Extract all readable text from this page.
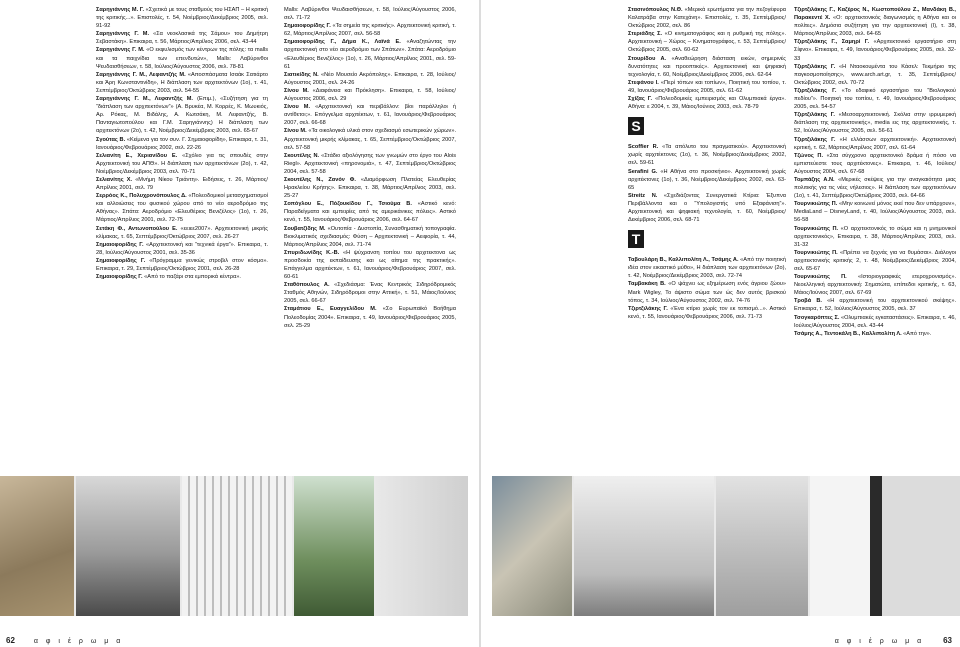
Σαρηγιάννης Μ. Γ. «Σχετικά με τους σταθμούς του ΗΣΑΠ – Η κριτική της κριτικής...». Επιστολές, τ. 54, Νοέμβριος/Δεκέμβριος 2005, σελ. 91-92

Σαρηγιάννης Γ. Μ. «Σα νεοκλασικά της Σάμου» του Δημήτρη Σεβαστάκη». Επικαιρα, τ. 56, Μάρτιος/Απρίλιος 2006, σελ. 43-44

Σαρηγιάννης Γ. Μ. «Ο εκφυλισμός των κέντρων της πόλης: τα malls και τα παιχνίδια των επενδυτών», Malls: Λαβύρινθοι Ψευδαισθήσεων, τ. 58, Ιούλιος/Αύγουστος 2006, σελ. 78-81

Σαρηγιάννης Γ. Μ., Λεφαντζής Μ. «Αποσπάσματα Ισαάκ Σατιάρτο και Άρη Κωνσταντινίδη», Η διάπλαση των αρχιτεκτόνων (1ο), τ. 41, Σεπτέμβριος/Οκτώβριος 2003, σελ. 54-55

Σαρηγιάννης Γ. Μ., Λεφαντζής Μ. (Επιμ.), «Συζήτηση για τη “διάπλαση των αρχιτεκτόνων”» (Α. Βρυκέα, Μ. Κορρές, Κ. Μωυκιός, Αρ. Ρόκας, Μ. Βιδάλης, Α. Κωτσάκη, Μ. Λεφαντζής, Β. Πανταγιωτοπούλου και Γ.Μ. Σαρηγιάννης) Η διάπλαση των αρχιτεκτόνων (2ο), τ. 42, Νοέμβριος/Δεκέμβριος 2003, σελ. 65-67

Σγούτας Β. «Κείμενα για τον συν. Γ. Σημαιοφορίδη», Επικαιρα, τ. 31, Ιανουάριος/Φεβρουάριος 2002, σελ. 22-26

Σελιανίτη Ε., Χεριανίδου Ε. «Σχόλιο για τις σπουδές στην Αρχιτεκτονική του ΑΠΘ». Η διάπλαση των αρχιτεκτόνων (2ο), τ. 42, Νοέμβριος/Δεκέμβριος 2003, σελ. 70-71

Σελιανίτης Χ. «Μνήμη Νίκου Τριάντη». Ειδήσεις, τ. 26, Μάρτιος/Απρίλιος 2001, σελ. 79

Σερρόος Κ., Πολυχρονόπουλος Δ. «Πολεοδομικοί μετασχηματισμοί και αλλοιώσεις του φυσικού χώρου από το νέο αεροδρόμιο της Αθήνας». Σπάτα: Αεροδρόμιο «Ελευθέριος Βενιζέλος» (1ο), τ. 26, Μάρτιος/Απρίλιος 2001, σελ. 72-75

Σετάκη Φ., Αντωνοπούλου Ε. «εειεε2007». Αρχιτεκτονική μικρής κλίμακας, τ. 65, Σεπτέμβριος/Οκτώβριος 2007, σελ. 26-27

Σημαιοφορίδης Γ. «Αρχιτεκτονική και “τεχνικά έργα”». Επικαιρα, τ. 28, Ιούλιος/Αύγουστος 2001, σελ. 35-36

Σημαιοφορίδης Γ. «Πρόγραμμα γενικώς στροβιλ στον κόσμο». Επικαιρα, τ. 29, Σεπτέμβριος/Οκτώβριος 2001, σελ. 26-28

Σημαιοφορίδης Γ. «Από το παζάρι στα εμπορικά κέντρα».

Malls: Λαβύρινθοι Ψευδαισθήσεων, τ. 58, Ιούλιος/Αύγουστος 2006, σελ. 71-72

Σημαιοφορίδης Γ. «Τα σημεία της κριτικής». Αρχιτεκτονική κριτική, τ. 62, Μάρτιος/Απρίλιος 2007, σελ. 56-58

Σημαιοφορίδης Γ., Δήμα Κ., Λαϊνά Ε. «Αναζητώντας την αρχιτεκτονική στο νέο αεροδρόμιο των Σπάτων». Σπάτα: Αεροδρόμιο «Ελευθέριος Βενιζέλος» (1ο), τ. 26, Μάρτιος/Απρίλιος 2001, σελ. 59-61

Σιατικίδης Ν. «Νέο Μουσείο Ακρόπολης». Επικαιρα, τ. 28, Ιούλιος/Αύγουστος 2001, σελ. 24-26

Σίνου Μ. «Διαφάνεια και Πρόκληση». Επικαιρα, τ. 58, Ιούλιος/Αύγουστος 2006, σελ. 29

Σίνου Μ. «Αρχιτεκτονική και περιβάλλον: βίοι παράλληλοι ή αντίθετοι;». Επόγγελμα αρχιτέκτων, τ. 61, Ιανουάριος/Φεβρουάριος 2007, σελ. 66-68

Σίνου Μ. «Τα οικολογικά υλικά στον σχεδιασμό εσωτερικών χώρων». Αρχιτεκτονική μικρής κλίμακας, τ. 65, Σεπτέμβριος/Οκτώβριος 2007, σελ. 57-58

Σκουτέλης Ν. «Στάδιο αξιολόγησης των γνωμών στο έργο του Alois Riegl». Αρχιτεκτονική «πηρονομιά», τ. 47, Σεπτέμβριος/Οκτώβριος 2004, σελ. 57-58

Σκουτέλης Ν., Ζανόν Φ. «Διαμόρφωση Πλατείας Ελευθερίας Ηρακλείου Κρήτης». Επικαιρα, τ. 38, Μάρτιος/Απρίλιος 2003, σελ. 25-27

Σοπόγλου Ε., Πόζουκίδου Γ., Τσιούμα Β. «Αστικό κενό: Παραδείγματα και εμπειρίες από τις αμερικάνικες πόλεις». Αστικό κενό, τ. 55, Ιανουάριος/Φεβρουάριος 2006, σελ. 64-67

Σουβατζίδης Μ. «Ουτοπία - Δυστοπία, Συνασθηματική τοπογραφία. Βιοκλιματικός σχεδιασμός: Φύση – Αρχιτεκτονική – Αειφορία, τ. 44, Μάρτιος/Απρίλιος 2004, σελ. 71-74

Σπυριδωνίδης Κ.-Β. «Η ψύχρανση τοπίου του αρχιτεκτονα ως προσδοκία της εκπαίδευσης και ως αίτημα της πρακτικής». Επάγγελμα αρχιτέκτων, τ. 61, Ιανουάριος/Φεβρουάριος 2007, σελ. 60-61

Σταθόπουλος Α. «Σχεδιάσμα: Ένας Κεντρικός Σιδηρόδρομικός Σταθμός Αθηνών, Σιδηρόδρομοι στην Αττική», τ. 51, Μάιος/Ιούνιος 2005, σελ. 66-67

Σταμάτιου Ε., Ευαγγελίδου Μ. «Σο Ευρωπαϊκό Βοήθημα Πολεοδομίας 2004». Επικαιρα, τ. 49, Ιανουάριος/Φεβρουάριος 2005, σελ. 25-29

62	α φ ι έ ρ ω μ α

Στασινόπουλος Ν.Θ. «Μερικά ερωτήματα για την πεζογέφυρα Καλατράβα στην Κατεχάνη». Επιστολές, τ. 35, Σεπτέμβριος/Οκτώβριος 2002, σελ. 86

Στεριάδης Σ. «Ο κινηματογράφος και η ρυθμική της πόλης». Αρχιτεκτονική – Χώρος – Κινηματογράφος, τ. 53, Σεπτέμβριος/Οκτώβριος 2005, σελ. 60-62

Στουρίδου Α. «Αναθεώρηση διάσταση εικών, σημερινές δυνατότητες και προοπτικές». Αρχιτεκτονική και ψηφιακή τεχνολογία, τ. 60, Νοέμβριος/Δεκέμβριος 2006, σελ. 62-64

Στεφάνου Ι. «Περί τόπων και τοπίων», Ποιητική του τοπίου, τ. 49, Ιανουάριος/Φεβρουάριος 2005, σελ. 61-62

Σχίζας Γ. «Πολεοδομικές εμπειρισμός και Ολυμπιακά έργα». Αθήνα: ε 2004, τ. 39, Μάιος/Ιούνιος 2003, σελ. 78-79

S

Scoffier R. «Τα απόλυτο του πραγματικού». Αρχιτεκτονική χωρίς αρχιτέκτονες (1ο), τ. 36, Νοέμβριος/Δεκέμβριος 2002, σελ. 59-61

Serafini G. «Η Αθήνα στο προσκήνιο». Αρχιτεκτονική χωρίς αρχιτέκτονες (1ο), τ. 36, Νοέμβριος/Δεκέμβριος 2002, σελ. 63-65

Streitz N. «Σχεδιάζοντας Συνεργατικά Κτίρια: Έξυπνα Περιβάλλοντα και ο “Υπολογιστής υπό Εξαφάνιση”». Αρχιτεκτονική και ψηφιακή τεχνολογία, τ. 60, Νοέμβριος/Δεκέμβριος 2006, σελ. 68-71

T

Ταβουλάρη Β., Καλλιπολίτη Λ., Τσάμης Α. «Από την ποιητική ιδέα στον εικαστικό μύθο», Η διάπλαση των αρχιτεκτόνων (2ο), τ. 42, Νοέμβριος/Δεκέμβριος 2003, σελ. 72-74

Ταμβακάκη Β. «Ο ψάχνει ως εξημέρωση ενός άγριου ζώου» Mark Wigley, Το άψιστο σώμα των ώς δεν αυτός βρισκού τόπος, τ. 34, Ιούλιος/Αύγουστος 2002, σελ. 74-76

Τζιρτζιλάκης Γ. «Ένα κτίριο χωρίς τον εκ τοπισμό...». Αστικό κενό, τ. 55, Ιανουάριος/Φεβρουάριος 2006, σελ. 71-73

Τζιρτζιλάκης Γ., Καζέρος Ν., Κωστοπούλου Ζ., Μανδάκη Β., Παρακεντέ Χ. «Ο: αρχιτεκτονικός διαγωνισμός η Αθήνα και οι πολίτες». Δημόσια συζήτηση για την αρχιτεκτονική (Ι), τ. 38, Μάρτιος/Απρίλιος 2003, σελ. 64-65

Τζιρτζιλάκης Γ., Σαμηρί Γ. «Αρχιτεκτονικό εργαστήριο στη Σίφνο». Επικαιρα, τ. 49, Ιανουάριος/Φεβρουάριος 2005, σελ. 32-33

Τζιρτζιλάκης Γ. «Η Νταοκουμέντα του Κάσελ: Τεκμήριο της παγκοσμοποίησης», www.arch.art.gr, τ. 35, Σεπτέμβριος/Οκτώβριος 2002, σελ. 70-72

Τζιρτζιλάκης Γ. «Το εδαφικό εργαστήριο του “Βιολογικού πεδίου”». Ποιητική του τοπίου, τ. 49, Ιανουάριος/Φεβρουάριος 2005, σελ. 54-57

Τζιρτζιλάκης Γ. «Μεσοαρχιτεκτονική. Σκόλια στην ιρρυμερική διάπλαση της αρχιτεκτονικής», media εις της αρχιτεκτονικής, τ. 52, Ιούλιος/Αύγουστος 2005, σελ. 56-61

Τζιρτζιλάκης Γ. «Η ελλάσσων αρχιτεκτονική». Αρχιτεκτονική κριτική, τ. 62, Μάρτιος/Απρίλιος 2007, σελ. 61-64

Τζώνος Π. «Στα σύγχρονο αρχιτεκτονικό δράμα ή πόσο να εμπιστεύεστε τους αρχιτέκτονες». Επικαιρα, τ. 46, Ιούλιος/Αύγουστος 2004, σελ. 67-68

Τομπάζης Α.Ν. «Μερικές σκέψεις για την αναγκαιότητα μιας πολιτικής για τις νέες νήλεσιος». Η διάπλαση των αρχιτεκτόνων (1ο), τ. 41, Σεπτέμβριος/Οκτώβριος 2003, σελ. 64-66

Τουρνικιώτης Π. «Μην κοινωνεί μόνος εκεί που δεν υπάρχουν», MediaLand – DisneyLand, τ. 40, Ιούλιος/Αύγουστος 2003, σελ. 56-58

Τουρνικιώτης Π. «Ο αρχιτεκτονικός το σώμα και η μνημονικοί αρχιτεκτονικός», Επικαιρα, τ. 38, Μάρτιος/Απρίλιος 2003, σελ. 31-32

Τουρνικιώτης Π. «Πρέπει να ξεχνάς για να θυμάσαι». Διάλογοι αρχιτεκτονικής κριτικής 2, τ. 48, Νοέμβριος/Δεκέμβριος 2004, σελ. 65-67

Τουρνικιώτης Π. «Ιστοριογραφικές ετεροχρονισμός». Νεοελληνική αρχιτεκτονική: Σηματώτα, επίπεδοι κριτικής, τ. 63, Μάιος/Ιούνιος 2007, σελ. 67-69

Τροβά Β. «Η αρχιτεκτονική του αρχιτεκτονικού σκέψης». Επικαιρα, τ. 52, Ιούλιος/Αύγουστος 2005, σελ. 37

Τσογκαρόπτες Σ. «Ολυμπιακές εγκαταστάσεις». Επικαιρα, τ. 46, Ιούλιος/Αύγουστος 2004, σελ. 43-44

Τσάμης Α., Τεντοκάλη Β., Καλλιπολίτη Λ. «Από την».

α φ ι έ ρ ω μ α 63
